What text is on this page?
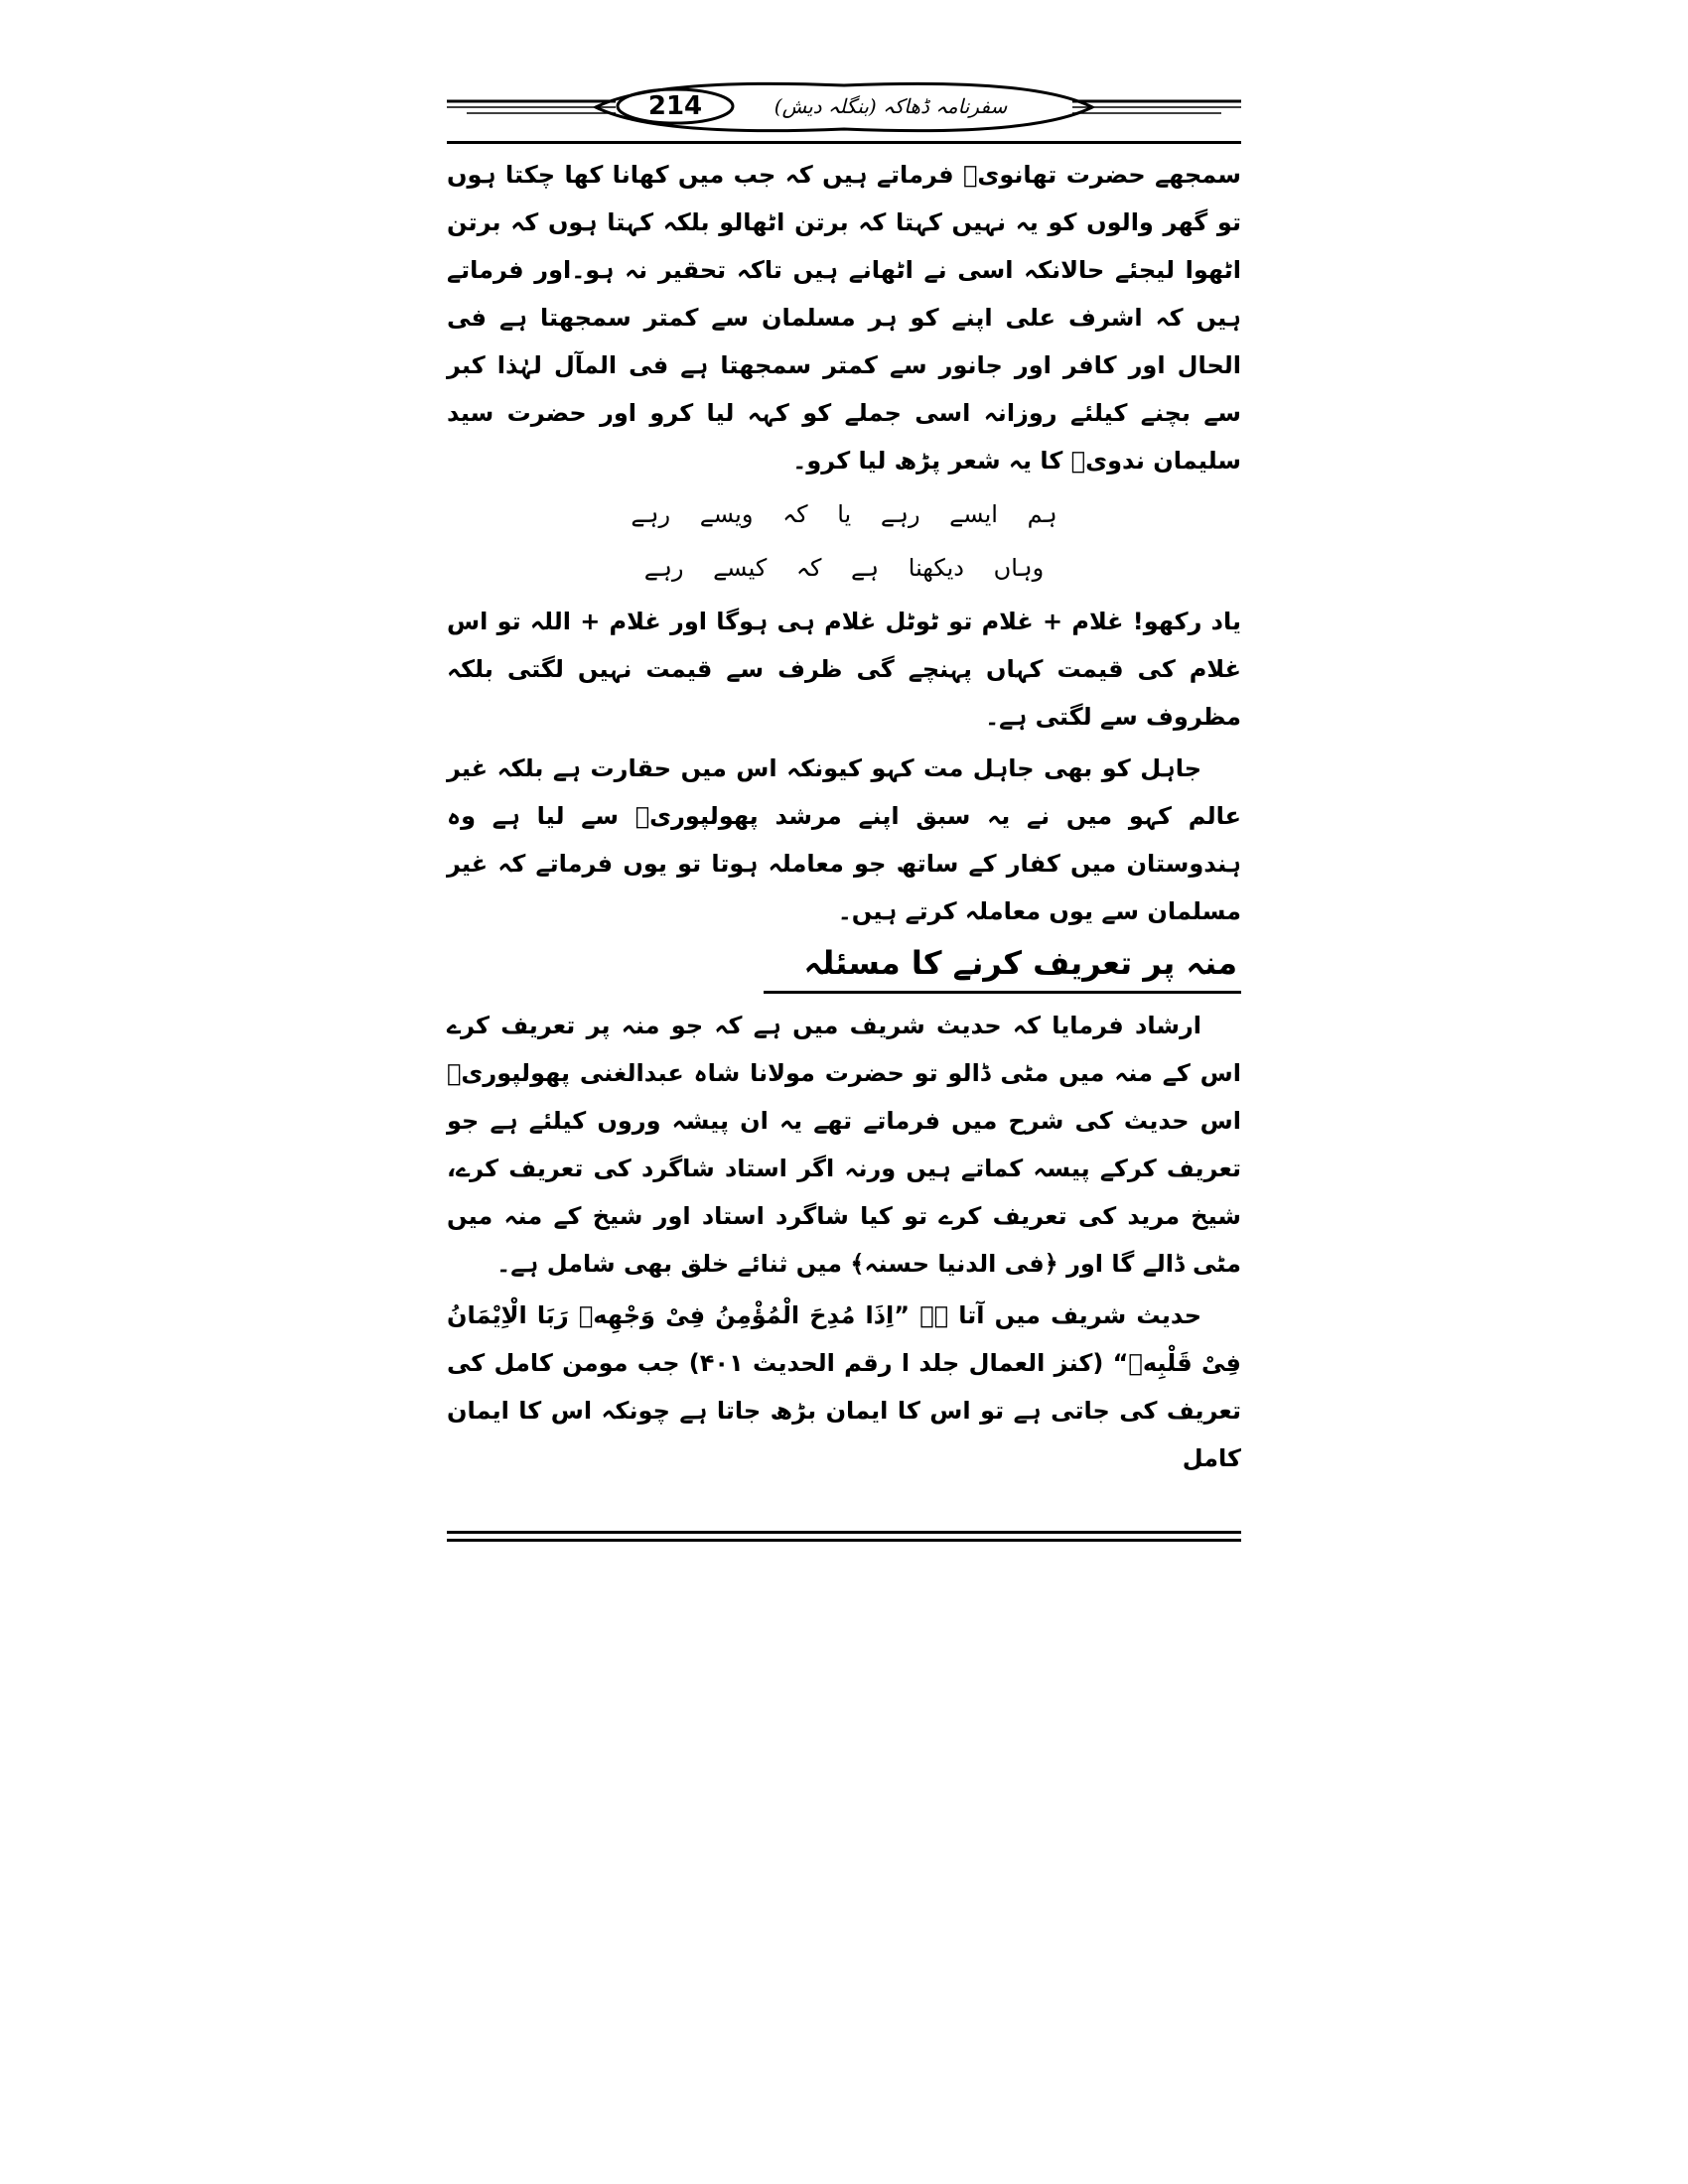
214	سفرنامہ ڈھاکہ (بنگلہ دیش)

سمجھے حضرت تھانویؒ فرماتے ہیں کہ جب میں کھانا کھا چکتا ہوں تو گھر والوں کو یہ نہیں کہتا کہ برتن اٹھالو بلکہ کہتا ہوں کہ برتن اٹھوا لیجئے حالانکہ اسی نے اٹھانے ہیں تاکہ تحقیر نہ ہو۔اور فرماتے ہیں کہ اشرف علی اپنے کو ہر مسلمان سے کمتر سمجھتا ہے فی الحال اور کافر اور جانور سے کمتر سمجھتا ہے فی المآل لہٰذا کبر سے بچنے کیلئے روزانہ اسی جملے کو کہہ لیا کرو اور حضرت سید سلیمان ندویؒ کا یہ شعر پڑھ لیا کرو۔

ہم ایسے رہے یا کہ ویسے رہے
وہاں دیکھنا ہے کہ کیسے رہے

یاد رکھو! غلام + غلام تو ٹوٹل غلام ہی ہوگا اور غلام + اللہ تو اس غلام کی قیمت کہاں پہنچے گی ظرف سے قیمت نہیں لگتی بلکہ مظروف سے لگتی ہے۔

جاہل کو بھی جاہل مت کہو کیونکہ اس میں حقارت ہے بلکہ غیر عالم کہو میں نے یہ سبق اپنے مرشد پھولپوریؒ سے لیا ہے وہ ہندوستان میں کفار کے ساتھ جو معاملہ ہوتا تو یوں فرماتے کہ غیر مسلمان سے یوں معاملہ کرتے ہیں۔

منہ پر تعریف کرنے کا مسئلہ

ارشاد فرمایا کہ حدیث شریف میں ہے کہ جو منہ پر تعریف کرے اس کے منہ میں مٹی ڈالو تو حضرت مولانا شاہ عبدالغنی پھولپوریؒ اس حدیث کی شرح میں فرماتے تھے یہ ان پیشہ وروں کیلئے ہے جو تعریف کرکے پیسہ کماتے ہیں ورنہ اگر استاد شاگرد کی تعریف کرے، شیخ مرید کی تعریف کرے تو کیا شاگرد استاد اور شیخ کے منہ میں مٹی ڈالے گا اور ﴿فی الدنیا حسنہ﴾ میں ثنائے خلق بھی شامل ہے۔

حدیث شریف میں آتا ہے ”اِذَا مُدِحَ الْمُؤْمِنُ فِیْ وَجْهِهٖ رَبَا الْاِیْمَانُ فِیْ قَلْبِهٖ“ (کنز العمال جلد ا رقم الحدیث ۴۰۱) جب مومن کامل کی تعریف کی جاتی ہے تو اس کا ایمان بڑھ جاتا ہے چونکہ اس کا ایمان کامل
